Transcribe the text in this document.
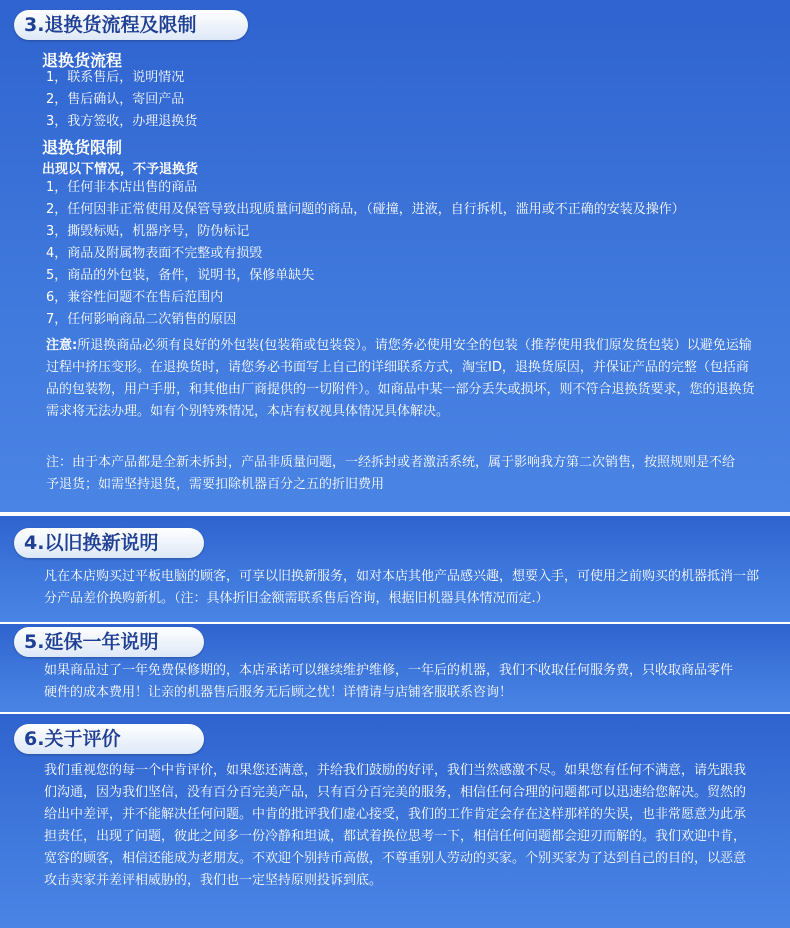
3.退换货流程及限制
退换货流程
1，联系售后，说明情况
2，售后确认，寄回产品
3，我方签收，办理退换货
退换货限制
出现以下情况，不予退换货
1，任何非本店出售的商品
2，任何因非正常使用及保管导致出现质量问题的商品，（碰撞，进液，自行拆机，滥用或不正确的安装及操作）
3，撕毁标贴，机器序号，防伪标记
4，商品及附属物表面不完整或有损毁
5，商品的外包装，备件，说明书，保修单缺失
6，兼容性问题不在售后范围内
7，任何影响商品二次销售的原因

注意:所退换商品必须有良好的外包装(包装箱或包装袋）。请您务必使用安全的包装（推荐使用我们原发货包装）以避免运输过程中挤压变形。在退换货时，请您务必书面写上自己的详细联系方式，淘宝ID，退换货原因，并保证产品的完整（包括商品的包装物，用户手册，和其他由厂商提供的一切附件）。如商品中某一部分丢失或损坏，则不符合退换货要求，您的退换货需求将无法办理。如有个别特殊情况，本店有权视具体情况具体解决。

注：由于本产品都是全新未拆封，产品非质量问题，一经拆封或者激活系统，属于影响我方第二次销售，按照规则是不给予退货；如需坚持退货，需要扣除机器百分之五的折旧费用

4.以旧换新说明

凡在本店购买过平板电脑的顾客，可享以旧换新服务，如对本店其他产品感兴趣，想要入手，可使用之前购买的机器抵消一部分产品差价换购新机。（注：具体折旧金额需联系售后咨询，根据旧机器具体情况而定.）

5.延保一年说明

如果商品过了一年免费保修期的，本店承诺可以继续维护维修，一年后的机器，我们不收取任何服务费，只收取商品零件硬件的成本费用！让亲的机器售后服务无后顾之忧！详情请与店铺客服联系咨询！

6.关于评价

我们重视您的每一个中肯评价，如果您还满意，并给我们鼓励的好评，我们当然感激不尽。如果您有任何不满意，请先跟我们沟通，因为我们坚信，没有百分百完美产品，只有百分百完美的服务，相信任何合理的问题都可以迅速给您解决。贸然的给出中差评，并不能解决任何问题。中肯的批评我们虚心接受，我们的工作肯定会存在这样那样的失误，也非常愿意为此承担责任，出现了问题，彼此之间多一份冷静和坦诚，都试着换位思考一下，相信任何问题都会迎刃而解的。我们欢迎中肯，宽容的顾客，相信还能成为老朋友。不欢迎个别持币高傲，不尊重别人劳动的买家。个别买家为了达到自己的目的，以恶意攻击卖家并差评相威胁的，我们也一定坚持原则投诉到底。
